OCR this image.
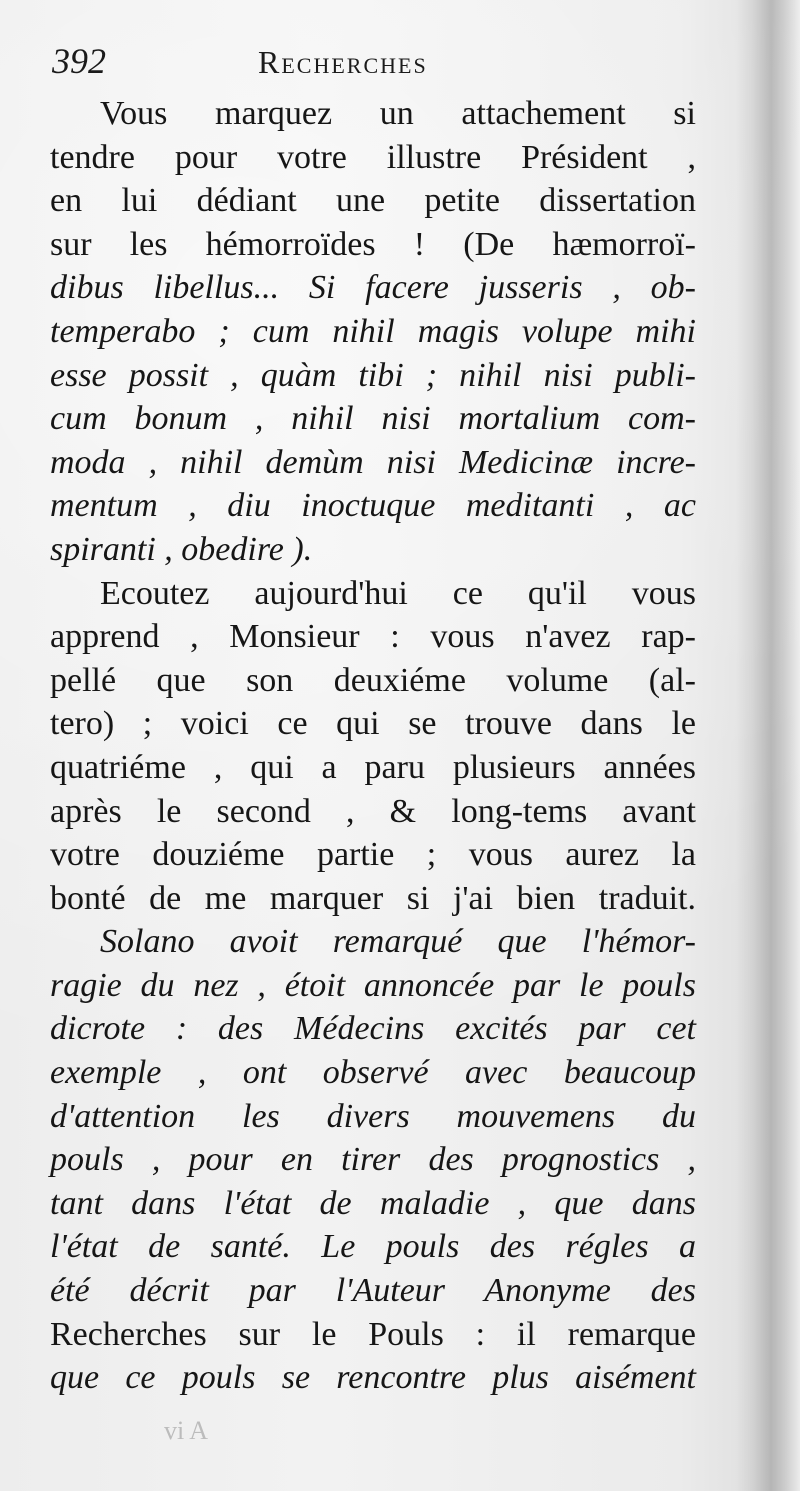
392	Recherches
Vous marquez un attachement si
tendre pour votre illustre Président ,
en lui dédiant une petite dissertation
sur les hémorroïdes ! (De hæmorroï-
dibus libellus... Si facere jusseris , ob-
temperabo ; cum nihil magis volupe mihi
esse possit , quàm tibi ; nihil nisi publi-
cum bonum , nihil nisi mortalium com-
moda , nihil demùm nisi Medicinæ incre-
mentum , diu inoctuque meditanti , ac
spiranti , obedire ).
Ecoutez aujourd'hui ce qu'il vous
apprend , Monsieur : vous n'avez rap-
pellé que son deuxiéme volume (al-
tero) ; voici ce qui se trouve dans le
quatriéme , qui a paru plusieurs années
après le second , & long-tems avant
votre douziéme partie ; vous aurez la
bonté de me marquer si j'ai bien traduit.
Solano avoit remarqué que l'hémor-
ragie du nez , étoit annoncée par le pouls
dicrote : des Médecins excités par cet
exemple , ont observé avec beaucoup
d'attention les divers mouvemens du
pouls , pour en tirer des prognostics ,
tant dans l'état de maladie , que dans
l'état de santé. Le pouls des régles a
été décrit par l'Auteur Anonyme des
Recherches sur le Pouls : il remarque
que ce pouls se rencontre plus aisément
vi A
